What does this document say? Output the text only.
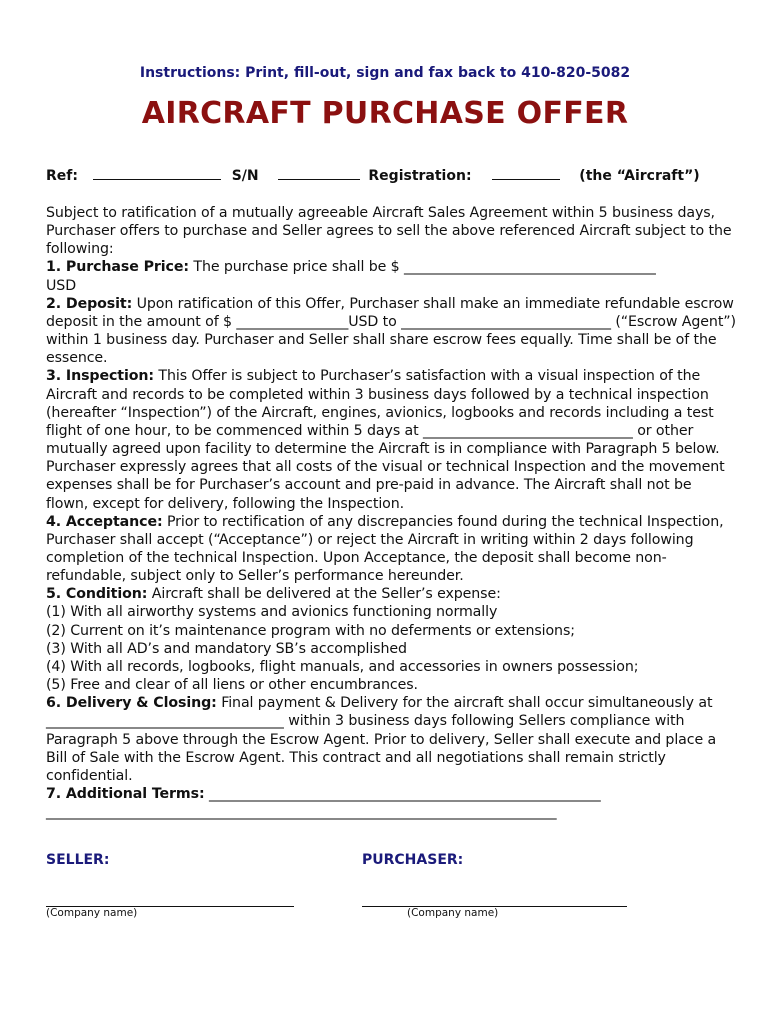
Instructions: Print, fill-out, sign and fax back to 410-820-5082
AIRCRAFT PURCHASE OFFER
Ref:	S/N	Registration:	(the “Aircraft”)

Subject to ratification of a mutually agreeable Aircraft Sales Agreement within 5 business days, Purchaser offers to purchase and Seller agrees to sell the above referenced Aircraft subject to the following:

1. Purchase Price: The purchase price shall be $ ____________________________________
USD

2. Deposit: Upon ratification of this Offer, Purchaser shall make an immediate refundable escrow deposit in the amount of $ ________________USD to ______________________________ (“Escrow Agent”) within 1 business day. Purchaser and Seller shall share escrow fees equally. Time shall be of the essence.

3. Inspection: This Offer is subject to Purchaser’s satisfaction with a visual inspection of the Aircraft and records to be completed within 3 business days followed by a technical inspection (hereafter “Inspection”) of the Aircraft, engines, avionics, logbooks and records including a test flight of one hour, to be commenced within 5 days at ______________________________ or other mutually agreed upon facility to determine the Aircraft is in compliance with Paragraph 5 below. Purchaser expressly agrees that all costs of the visual or technical Inspection and the movement expenses shall be for Purchaser’s account and pre-paid in advance. The Aircraft shall not be flown, except for delivery, following the Inspection.

4. Acceptance: Prior to rectification of any discrepancies found during the technical Inspection, Purchaser shall accept (“Acceptance”) or reject the Aircraft in writing within 2 days following completion of the technical Inspection. Upon Acceptance, the deposit shall become non-refundable, subject only to Seller’s performance hereunder.

5. Condition: Aircraft shall be delivered at the Seller’s expense:

(1) With all airworthy systems and avionics functioning normally

(2) Current on it’s maintenance program with no deferments or extensions;

(3) With all AD’s and mandatory SB’s accomplished

(4) With all records, logbooks, flight manuals, and accessories in owners possession;

(5) Free and clear of all liens or other encumbrances.

6. Delivery & Closing: Final payment & Delivery for the aircraft shall occur simultaneously at __________________________________ within 3 business days following Sellers compliance with Paragraph 5 above through the Escrow Agent. Prior to delivery, Seller shall execute and place a Bill of Sale with the Escrow Agent. This contract and all negotiations shall remain strictly confidential.

7. Additional Terms: ________________________________________________________
_________________________________________________________________________

SELLER:	PURCHASER:
(Company name)	(Company name)
